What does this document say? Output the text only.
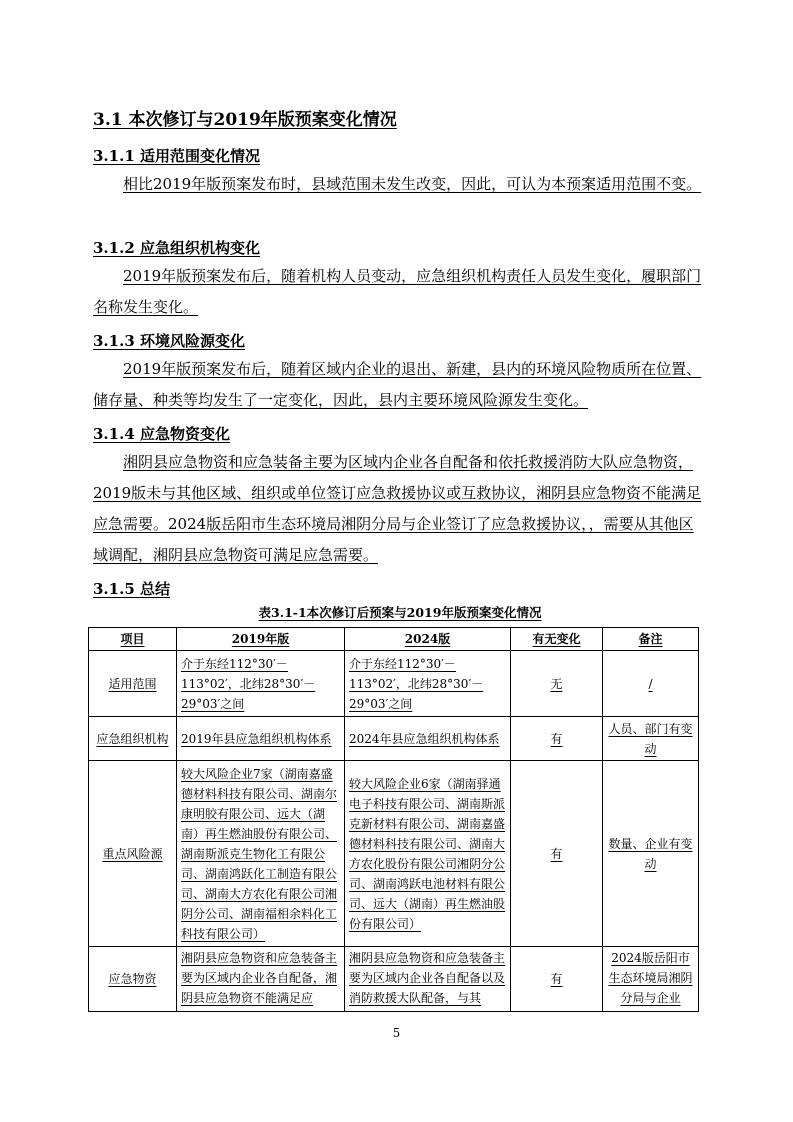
3.1 本次修订与2019年版预案变化情况
3.1.1 适用范围变化情况
相比2019年版预案发布时，县域范围未发生改变，因此，可认为本预案适用范围不变。
3.1.2 应急组织机构变化
2019年版预案发布后，随着机构人员变动，应急组织机构责任人员发生变化，履职部门名称发生变化。
3.1.3 环境风险源变化
2019年版预案发布后，随着区域内企业的退出、新建，县内的环境风险物质所在位置、储存量、种类等均发生了一定变化，因此，县内主要环境风险源发生变化。
3.1.4 应急物资变化
湘阴县应急物资和应急装备主要为区域内企业各自配备和依托救援消防大队应急物资，2019版未与其他区域、组织或单位签订应急救援协议或互救协议，湘阴县应急物资不能满足应急需要。2024版岳阳市生态环境局湘阴分局与企业签订了应急救援协议，，需要从其他区域调配，湘阴县应急物资可满足应急需要。
3.1.5 总结
表3.1-1本次修订后预案与2019年版预案变化情况
项目	2019年版	2024版	有无变化	备注
适用范围	介于东经112°30′－113°02′，北纬28°30′－29°03′之间	介于东经112°30′－113°02′，北纬28°30′－29°03′之间	无	/
应急组织机构	2019年县应急组织机构体系	2024年县应急组织机构体系	有	人员、部门有变动
重点风险源	较大风险企业7家（湖南嘉盛德材料科技有限公司、湖南尔康明胶有限公司、远大（湖南）再生燃油股份有限公司、湖南斯派克生物化工有限公司、湖南鸿跃化工制造有限公司、湖南大方农化有限公司湘阴分公司、湖南福相余料化工科技有限公司）	较大风险企业6家（湖南驿通电子科技有限公司、湖南斯派克新材料有限公司、湖南嘉盛德材料科技有限公司、湖南大方农化股份有限公司湘阴分公司、湖南鸿跃电池材料有限公司、远大（湖南）再生燃油股份有限公司）	有	数量、企业有变动
应急物资	湘阴县应急物资和应急装备主要为区域内企业各自配备，湘阴县应急物资不能满足应	湘阴县应急物资和应急装备主要为区域内企业各自配备以及消防救援大队配备，与其	有	2024版岳阳市生态环境局湘阴分局与企业
5
